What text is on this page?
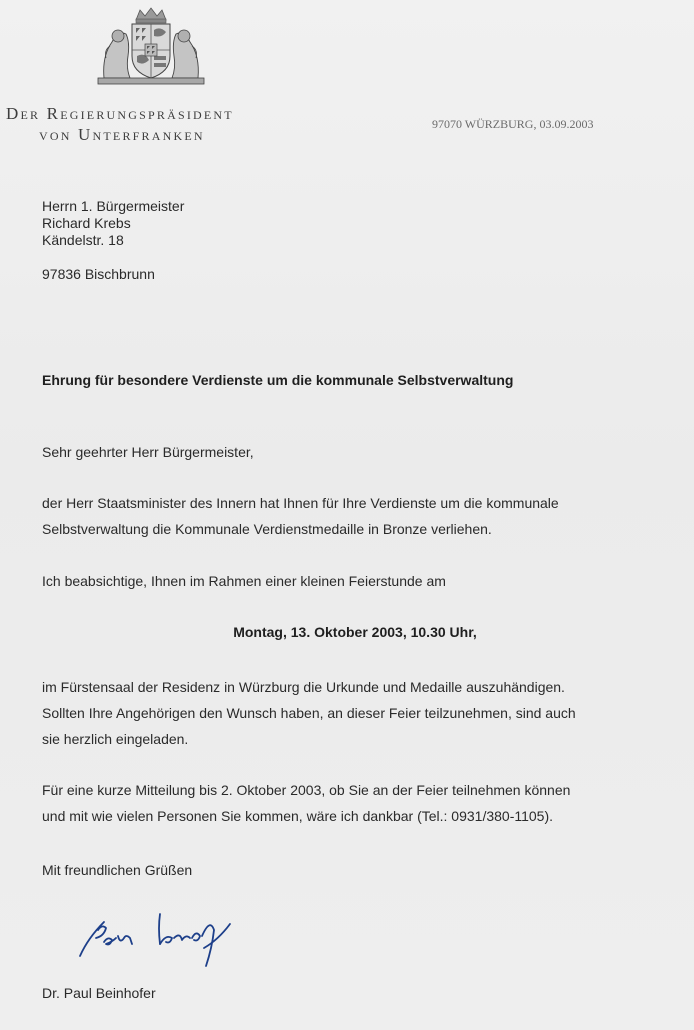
Der Regierungspräsident
von Unterfranken
97070 WÜRZBURG, 03.09.2003
Herrn 1. Bürgermeister
Richard Krebs
Kändelstr. 18
97836 Bischbrunn
Ehrung für besondere Verdienste um die kommunale Selbstverwaltung
Sehr geehrter Herr Bürgermeister,
der Herr Staatsminister des Innern hat Ihnen für Ihre Verdienste um die kommunale
Selbstverwaltung die Kommunale Verdienstmedaille in Bronze verliehen.
Ich beabsichtige, Ihnen im Rahmen einer kleinen Feierstunde am
Montag, 13. Oktober 2003, 10.30 Uhr,
im Fürstensaal der Residenz in Würzburg die Urkunde und Medaille auszuhändigen.
Sollten Ihre Angehörigen den Wunsch haben, an dieser Feier teilzunehmen, sind auch
sie herzlich eingeladen.
Für eine kurze Mitteilung bis 2. Oktober 2003, ob Sie an der Feier teilnehmen können
und mit wie vielen Personen Sie kommen, wäre ich dankbar (Tel.: 0931/380-1105).
Mit freundlichen Grüßen
Dr. Paul Beinhofer
